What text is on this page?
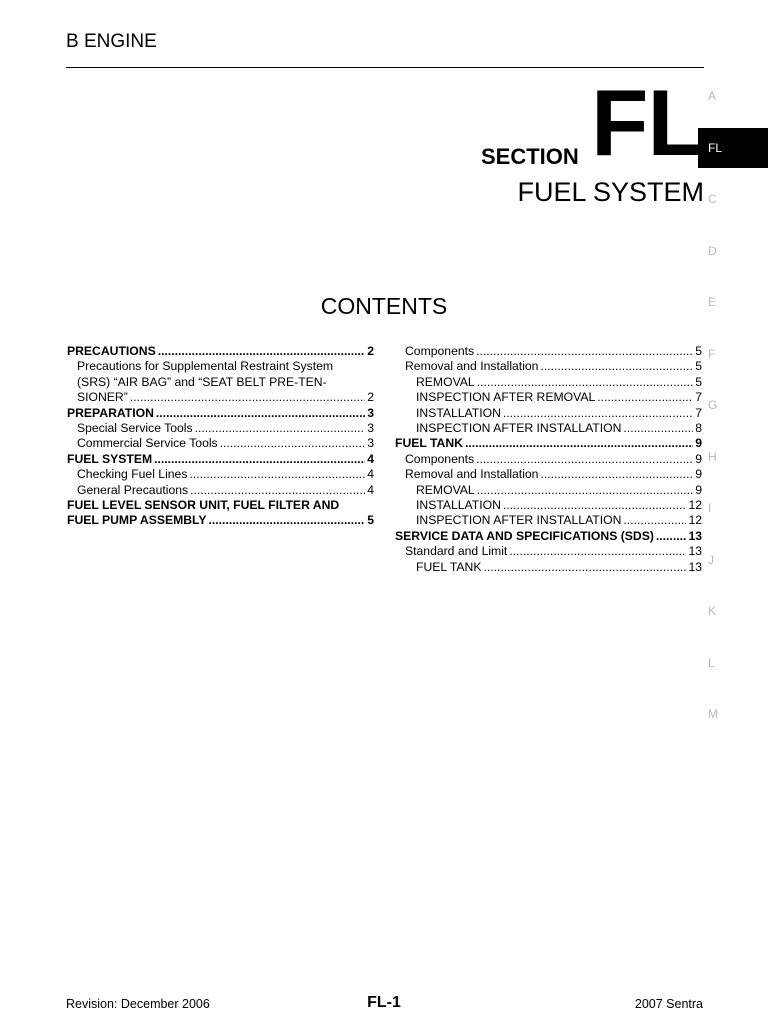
B ENGINE
A
FL
C
D
E
F
G
H
I
J
K
L
M
SECTION FL
FUEL SYSTEM
CONTENTS
PRECAUTIONS .....	2
Precautions for Supplemental Restraint System
(SRS) “AIR BAG” and “SEAT BELT PRE-TEN-
SIONER” .....	2
PREPARATION .....	3
Special Service Tools .....	3
Commercial Service Tools .....	3
FUEL SYSTEM .....	4
Checking Fuel Lines .....	4
General Precautions .....	4
FUEL LEVEL SENSOR UNIT, FUEL FILTER AND
FUEL PUMP ASSEMBLY .....	5
Components .....	5
Removal and Installation .....	5
REMOVAL .....	5
INSPECTION AFTER REMOVAL .....	7
INSTALLATION .....	7
INSPECTION AFTER INSTALLATION .....	8
FUEL TANK .....	9
Components .....	9
Removal and Installation .....	9
REMOVAL .....	9
INSTALLATION .....	12
INSPECTION AFTER INSTALLATION .....	12
SERVICE DATA AND SPECIFICATIONS (SDS) .....	13
Standard and Limit .....	13
FUEL TANK .....	13
Revision: December 2006	FL-1	2007 Sentra
